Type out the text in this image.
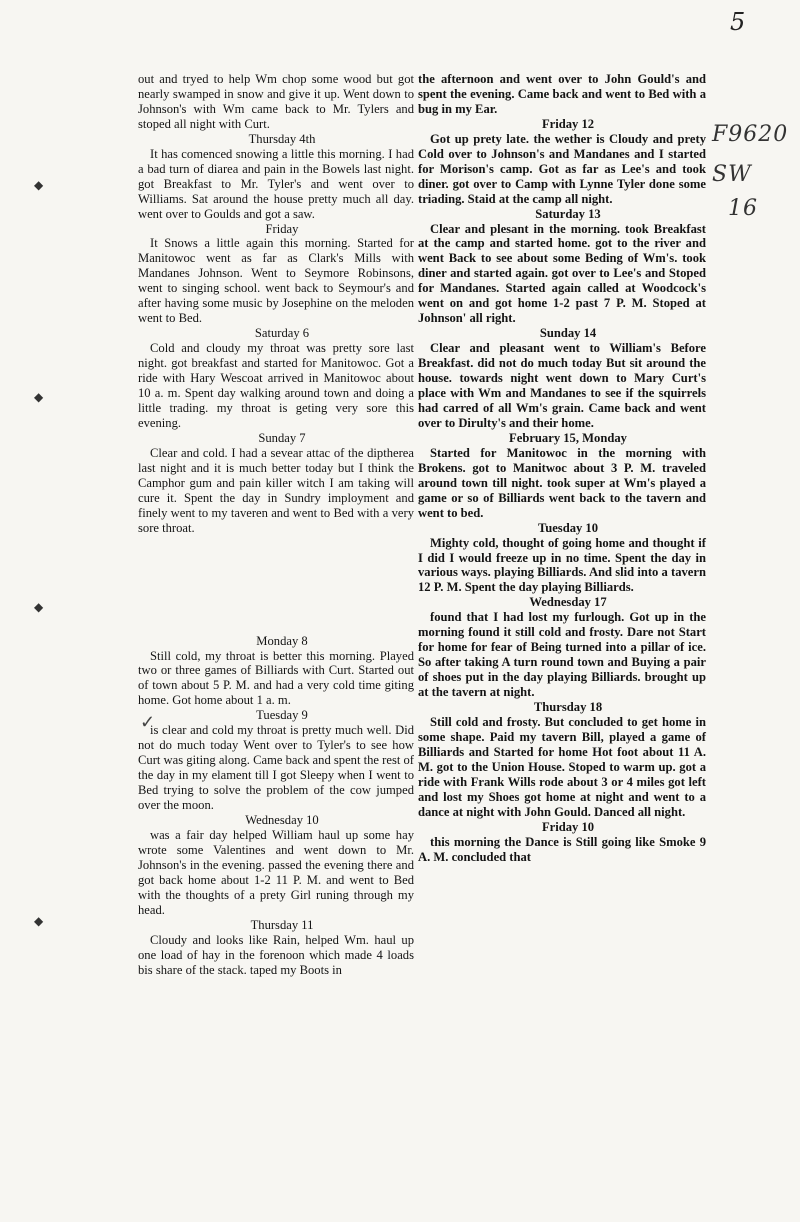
5
F9620
SW
16
◆
◆
◆
◆
✓

out and tryed to help Wm chop some wood but got nearly swamped in snow and give it up. Went down to Johnson's with Wm came back to Mr. Tylers and stoped all night with Curt.

Thursday 4th

It has comenced snowing a little this morning. I had a bad turn of diarea and pain in the Bowels last night. got Breakfast to Mr. Tyler's and went over to Williams. Sat around the house pretty much all day. went over to Goulds and got a saw.

Friday

It Snows a little again this morning. Started for Manitowoc went as far as Clark's Mills with Mandanes Johnson. Went to Seymore Robinsons, went to singing school. went back to Seymour's and after having some music by Josephine on the meloden went to Bed.

Saturday 6

Cold and cloudy my throat was pretty sore last night. got breakfast and started for Manitowoc. Got a ride with Hary Wescoat arrived in Manitowoc about 10 a. m. Spent day walking around town and doing a little trading. my throat is geting very sore this evening.

Sunday 7

Clear and cold. I had a sevear attac of the diptherea last night and it is much better today but I think the Camphor gum and pain killer witch I am taking will cure it. Spent the day in Sundry imployment and finely went to my taveren and went to Bed with a very sore throat.

Monday 8

Still cold, my throat is better this morning. Played two or three games of Billiards with Curt. Started out of town about 5 P. M. and had a very cold time giting home. Got home about 1 a. m.

Tuesday 9

is clear and cold my throat is pretty much well. Did not do much today Went over to Tyler's to see how Curt was giting along. Came back and spent the rest of the day in my elament till I got Sleepy when I went to Bed trying to solve the problem of the cow jumped over the moon.

Wednesday 10

was a fair day helped William haul up some hay wrote some Valentines and went down to Mr. Johnson's in the evening. passed the evening there and got back home about 1-2 11 P. M. and went to Bed with the thoughts of a prety Girl runing through my head.

Thursday 11

Cloudy and looks like Rain, helped Wm. haul up one load of hay in the forenoon which made 4 loads bis share of the stack. taped my Boots in

the afternoon and went over to John Gould's and spent the evening. Came back and went to Bed with a bug in my Ear.

Friday 12

Got up prety late. the wether is Cloudy and prety Cold over to Johnson's and Mandanes and I started for Morison's camp. Got as far as Lee's and took diner. got over to Camp with Lynne Tyler done some triading. Staid at the camp all night.

Saturday 13

Clear and plesant in the morning. took Breakfast at the camp and started home. got to the river and went Back to see about some Beding of Wm's. took diner and started again. got over to Lee's and Stoped for Mandanes. Started again called at Woodcock's went on and got home 1-2 past 7 P. M. Stoped at Johnson' all right.

Sunday 14

Clear and pleasant went to William's Before Breakfast. did not do much today But sit around the house. towards night went down to Mary Curt's place with Wm and Mandanes to see if the squirrels had carred of all Wm's grain. Came back and went over to Dirulty's and their home.

February 15, Monday

Started for Manitowoc in the morning with Brokens. got to Manitwoc about 3 P. M. traveled around town till night. took super at Wm's played a game or so of Billiards went back to the tavern and went to bed.

Tuesday 10

Mighty cold, thought of going home and thought if I did I would freeze up in no time. Spent the day in various ways. playing Billiards. And slid into a tavern 12 P. M. Spent the day playing Billiards.

Wednesday 17

found that I had lost my furlough. Got up in the morning found it still cold and frosty. Dare not Start for home for fear of Being turned into a pillar of ice. So after taking A turn round town and Buying a pair of shoes put in the day playing Billiards. brought up at the tavern at night.

Thursday 18

Still cold and frosty. But concluded to get home in some shape. Paid my tavern Bill, played a game of Billiards and Started for home Hot foot about 11 A. M. got to the Union House. Stoped to warm up. got a ride with Frank Wills rode about 3 or 4 miles got left and lost my Shoes got home at night and went to a dance at night with John Gould. Danced all night.

Friday 10

this morning the Dance is Still going like Smoke 9 A. M. concluded that
